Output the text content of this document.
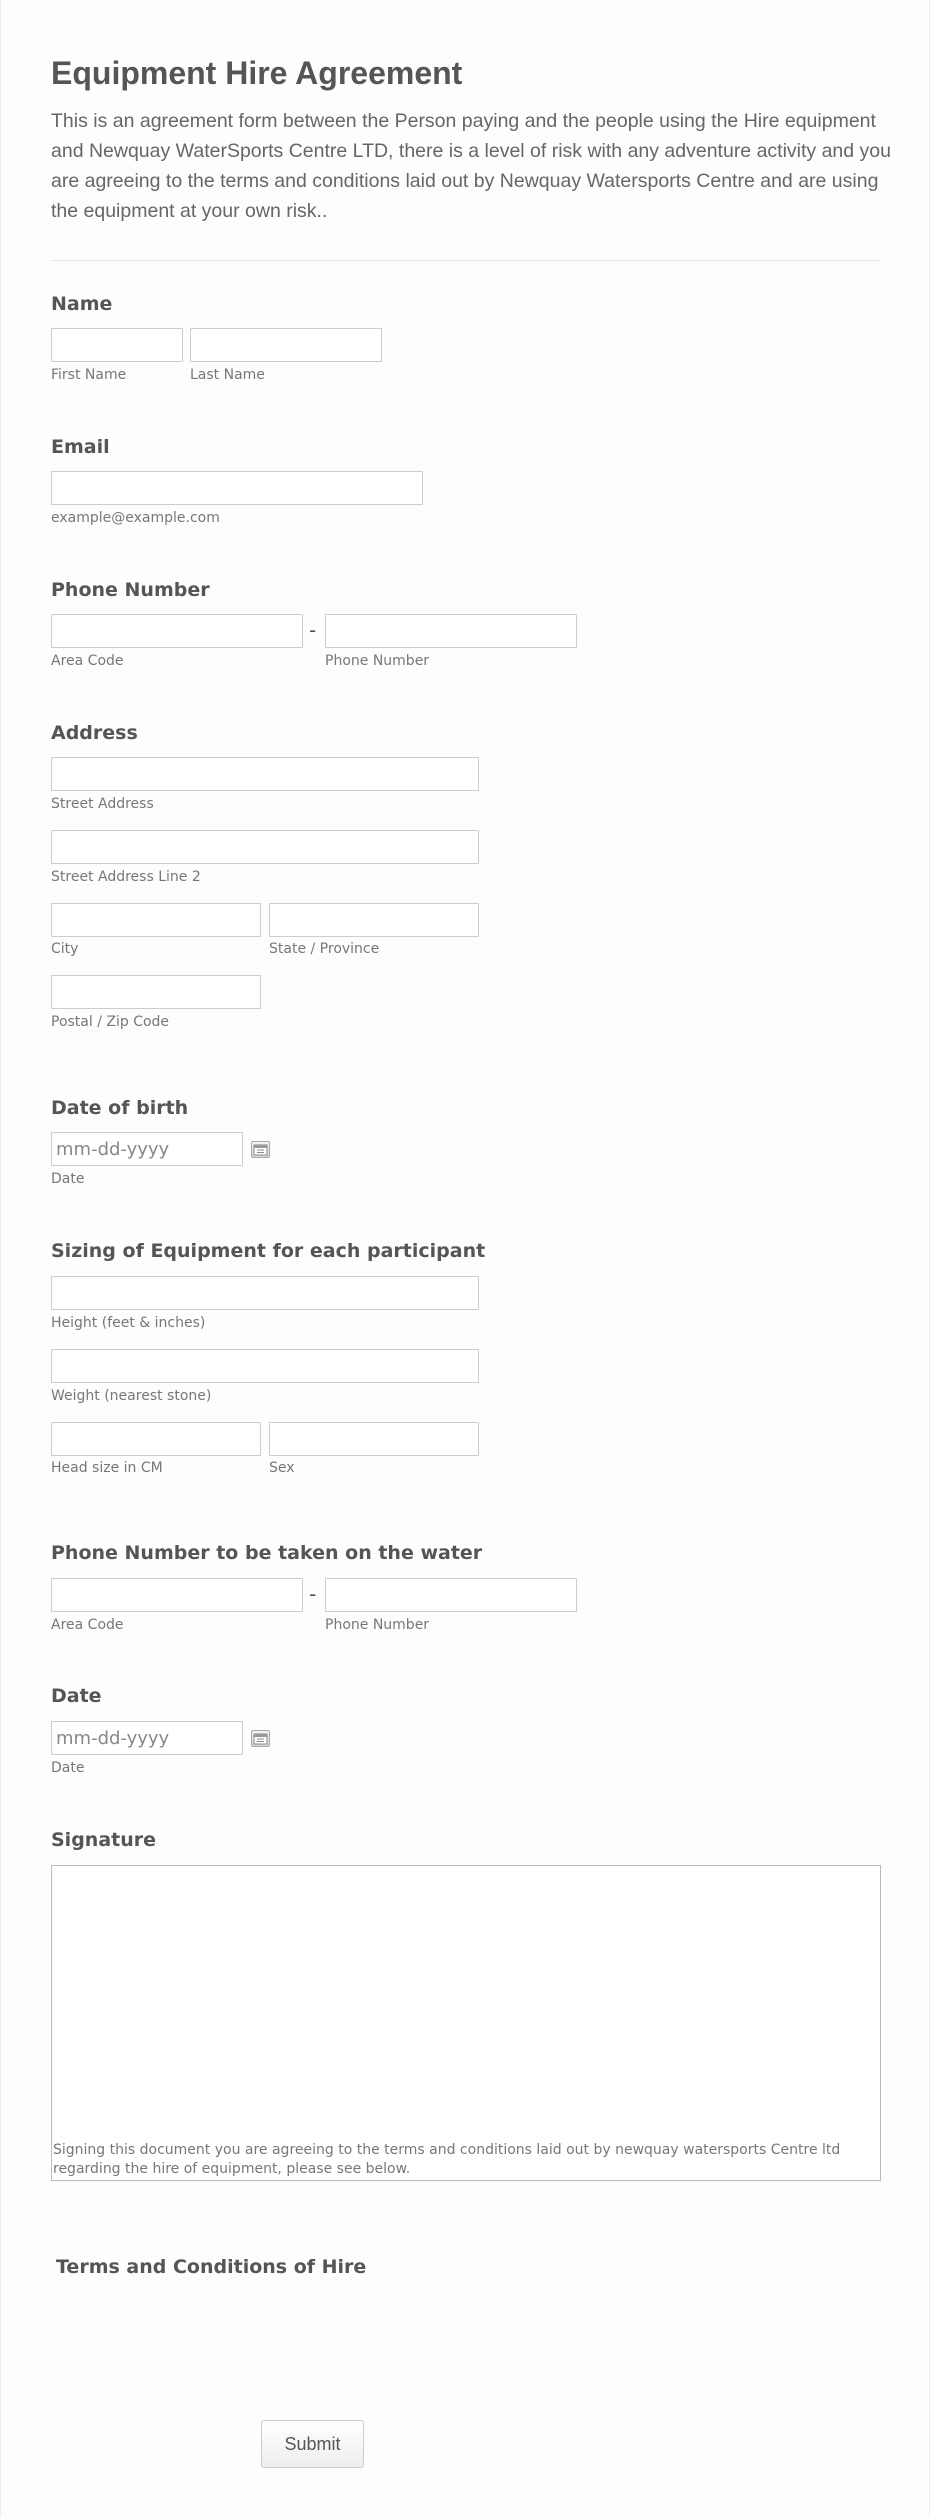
Equipment Hire Agreement

This is an agreement form between the Person paying and the people using the Hire equipment and Newquay WaterSports Centre LTD, there is a level of risk with any adventure activity and you are agreeing to the terms and conditions laid out by Newquay Watersports Centre and are using the equipment at your own risk..

Name
First Name	Last Name
Email
example@example.com
Phone Number
-
Area Code	Phone Number
Address
Street Address
Street Address Line 2
City	State / Province
Postal / Zip Code
Date of birth
mm-dd-yyyy
Date
Sizing of Equipment for each participant
Height (feet & inches)
Weight (nearest stone)
Head size in CM	Sex
Phone Number to be taken on the water
-
Area Code	Phone Number
Date
mm-dd-yyyy
Date
Signature
Signing this document you are agreeing to the terms and conditions laid out by newquay watersports Centre ltd regarding the hire of equipment, please see below.
Terms and Conditions of Hire
Submit
